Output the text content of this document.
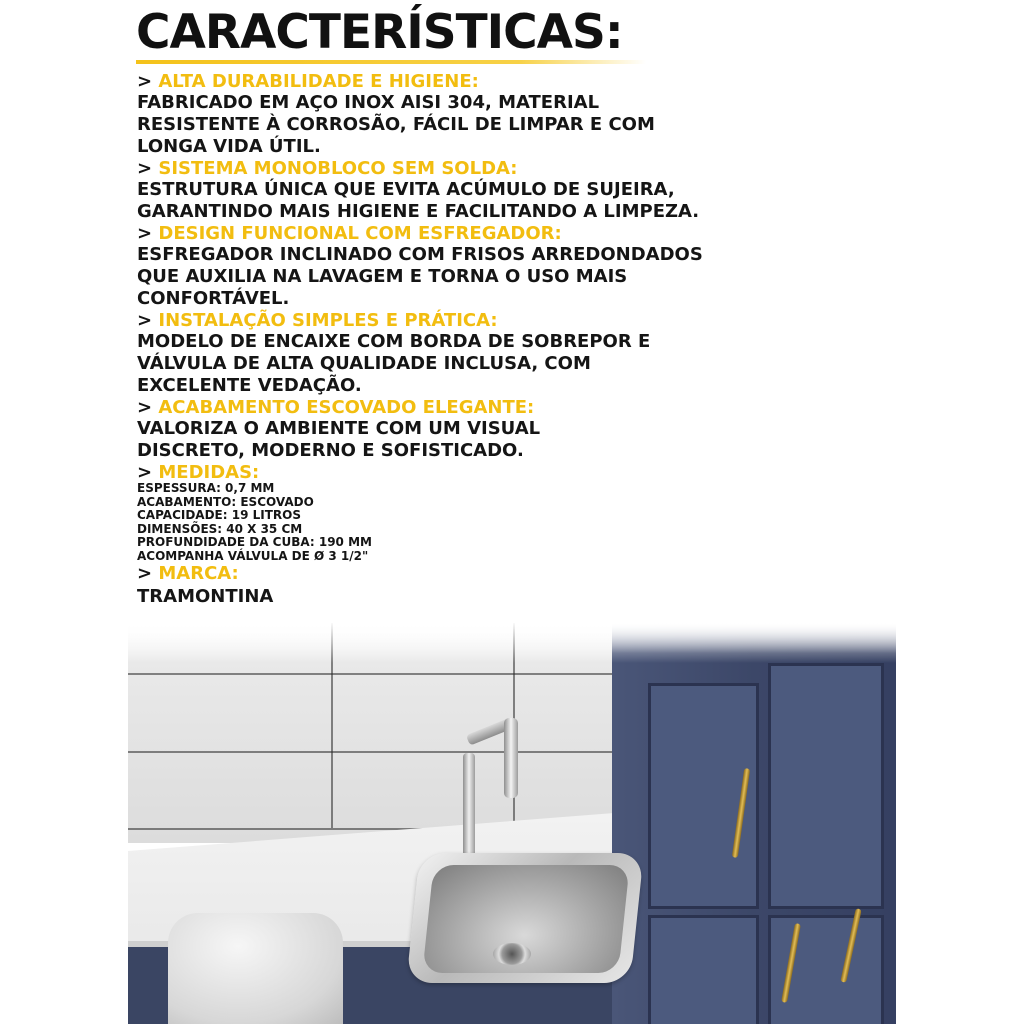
CARACTERÍSTICAS:
> ALTA DURABILIDADE E HIGIENE:
FABRICADO EM AÇO INOX AISI 304, MATERIAL
RESISTENTE À CORROSÃO, FÁCIL DE LIMPAR E COM
LONGA VIDA ÚTIL.
> SISTEMA MONOBLOCO SEM SOLDA:
ESTRUTURA ÚNICA QUE EVITA ACÚMULO DE SUJEIRA,
GARANTINDO MAIS HIGIENE E FACILITANDO A LIMPEZA.
> DESIGN FUNCIONAL COM ESFREGADOR:
ESFREGADOR INCLINADO COM FRISOS ARREDONDADOS
QUE AUXILIA NA LAVAGEM E TORNA O USO MAIS
CONFORTÁVEL.
> INSTALAÇÃO SIMPLES E PRÁTICA:
MODELO DE ENCAIXE COM BORDA DE SOBREPOR E
VÁLVULA DE ALTA QUALIDADE INCLUSA, COM
EXCELENTE VEDAÇÃO.
> ACABAMENTO ESCOVADO ELEGANTE:
VALORIZA O AMBIENTE COM UM VISUAL
DISCRETO, MODERNO E SOFISTICADO.
> MEDIDAS:
ESPESSURA: 0,7 MM
ACABAMENTO: ESCOVADO
CAPACIDADE: 19 LITROS
DIMENSÕES: 40 X 35 CM
PROFUNDIDADE DA CUBA: 190 MM
ACOMPANHA VÁLVULA DE Ø 3 1/2"
> MARCA:
TRAMONTINA
